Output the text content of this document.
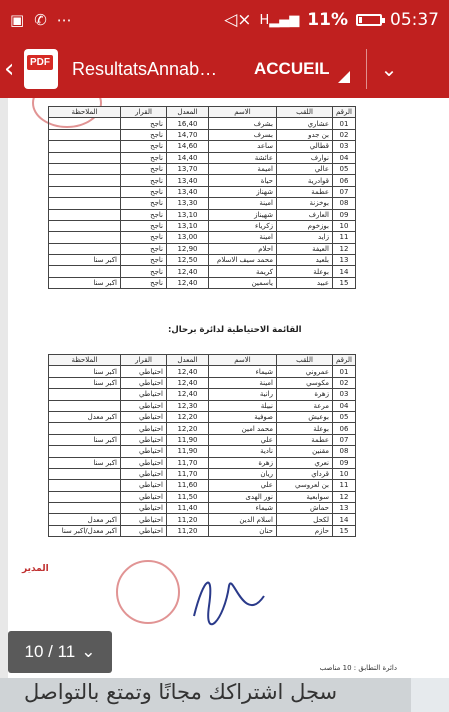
▣ ✆ ⋯	◁× H▂▄▆ 11% 05:37
‹	PDF ResultatsAnnab…	ACCUEIL	⌄
الرقم	اللقب	الاسم	المعدل	القرار	الملاحظة
01	عشاري	بشرف	16,40	ناجح	
02	بن جدو	بسرف	14,70	ناجح	
03	قطالي	ساعد	14,60	ناجح	
04	نوارف	عائشة	14,40	ناجح	
05	عالي	اميمة	13,70	ناجح	
06	قوادرية	حياة	13,40	ناجح	
07	عطمة	شهناز	13,40	ناجح	
08	بوخزنة	امينة	13,30	ناجح	
09	العارف	شهيناز	13,10	ناجح	
10	بوزخوم	زكرياء	13,10	ناجح	
11	زايد	امينة	13,00	ناجح	
12	العيفة	احلام	12,90	ناجح	
13	بلعيد	محمد سيف الاسلام	12,50	ناجح	اكبر سنا
14	بوعلة	كريمة	12,40	ناجح	
15	عبيد	ياسمين	12,40	ناجح	اكبر سنا
القائمة الاحتياطية لدائرة برحال:
الرقم	اللقب	الاسم	المعدل	القرار	الملاحظة
01	عمروني	شيماء	12,40	احتياطي	اكبر سنا
02	مكوسي	امينة	12,40	احتياطي	اكبر سنا
03	زهرة	رانية	12,40	احتياطي	
04	مرعة	نبيلة	12,30	احتياطي	
05	بوعيش	صوفية	12,20	احتياطي	اكبر معدل
06	بوعلة	محمد امين	12,20	احتياطي	
07	عطمة	علي	11,90	احتياطي	اكبر سنا
08	مقنين	نادية	11,90	احتياطي	
09	نعري	زهرة	11,70	احتياطي	اكبر سنا
10	قرداي	ريان	11,70	احتياطي	
11	بن لعروسي	علي	11,60	احتياطي	
12	سوابعية	نور الهدى	11,50	احتياطي	
13	حماش	شيماء	11,40	احتياطي	
14	لكحل	اسلام الدين	11,20	احتياطي	اكبر معدل
15	حازم	حنان	11,20	احتياطي	اكبر معدل/اكبر سنا
المدير
دائرة التطابق : 10 مناصب
10 / 11 ⌄
سجل اشتراكك مجانًا وتمتع بالتواصل
